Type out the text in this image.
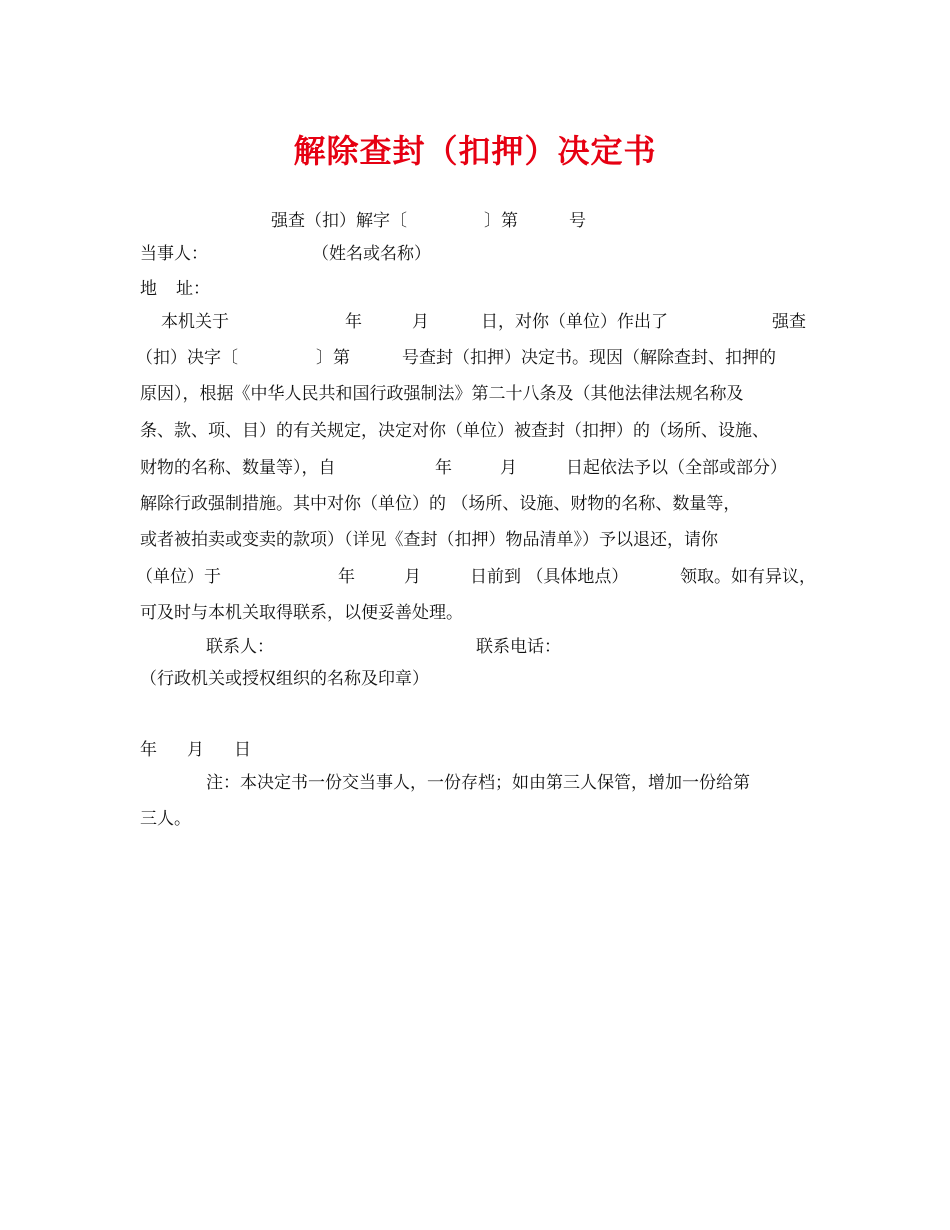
解除查封（扣押）决定书
强查（扣）解字〔	〕第	号
当事人：	（姓名或名称）
地 址：
本机关于	年	月	日，对你（单位）作出了	强查
（扣）决字〔	〕第	号查封（扣押）决定书。现因（解除查封、扣押的
原因），根据《中华人民共和国行政强制法》第二十八条及（其他法律法规名称及
条、款、项、目）的有关规定，决定对你（单位）被查封（扣押）的（场所、设施、
财物的名称、数量等），自	年	月	日起依法予以（全部或部分）
解除行政强制措施。其中对你（单位）的 （场所、设施、财物的名称、数量等，
或者被拍卖或变卖的款项）（详见《查封（扣押）物品清单》）予以退还，请你
（单位）于	年	月	日前到 （具体地点）	领取。如有异议，
可及时与本机关取得联系，以便妥善处理。
联系人：	联系电话：
（行政机关或授权组织的名称及印章）
年 月 日
注：本决定书一份交当事人，一份存档；如由第三人保管，增加一份给第
三人。
